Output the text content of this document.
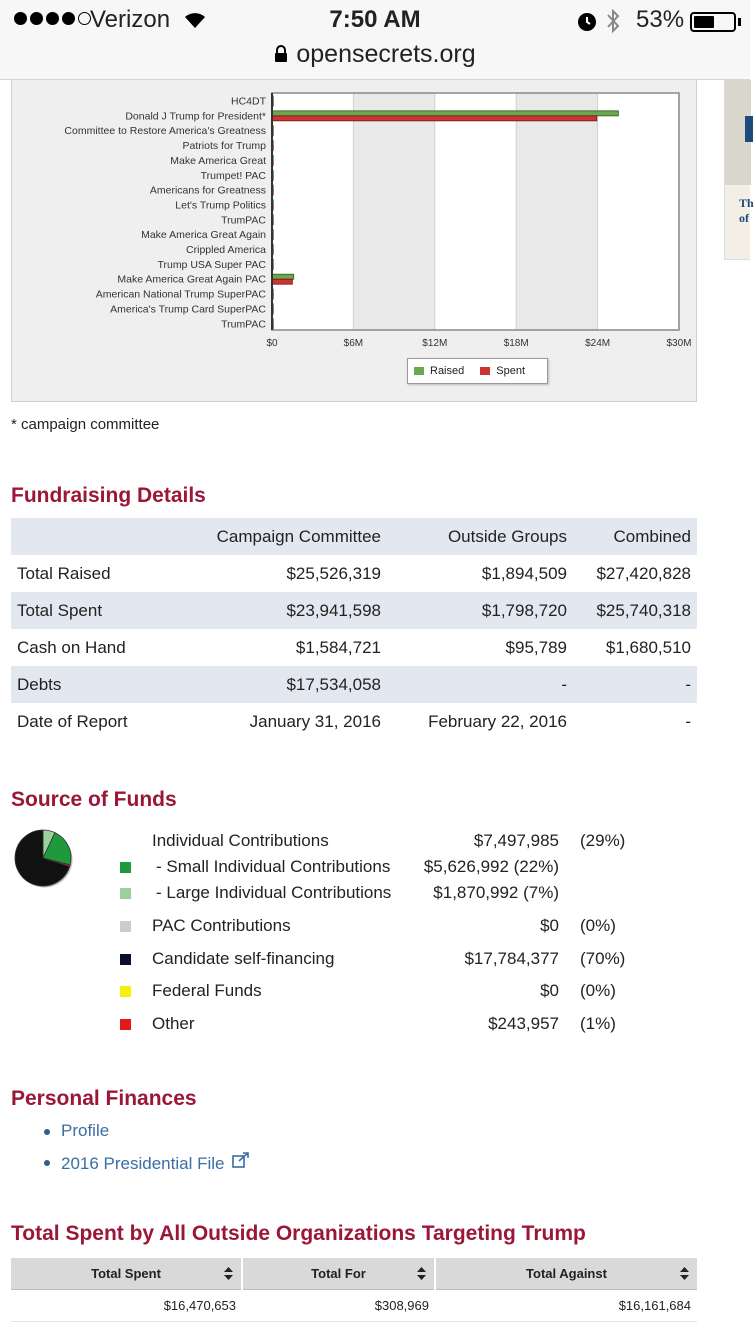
Verizon	7:50 AM	53%
opensecrets.org
Th of
$0	$6M	$12M	$18M	$24M	$30M
HC4DT
Donald J Trump for President*
Committee to Restore America's Greatness
Patriots for Trump
Make America Great
Trumpet! PAC
Americans for Greatness
Let's Trump Politics
TrumPAC
Make America Great Again
Crippled America
Trump USA Super PAC
Make America Great Again PAC
American National Trump SuperPAC
America's Trump Card SuperPAC
TrumPAC
Raised	Spent
* campaign committee
Fundraising Details
	Campaign Committee	Outside Groups	Combined
Total Raised	$25,526,319	$1,894,509	$27,420,828
Total Spent	$23,941,598	$1,798,720	$25,740,318
Cash on Hand	$1,584,721	$95,789	$1,680,510
Debts	$17,534,058	-	-
Date of Report	January 31, 2016	February 22, 2016	-
Source of Funds
Individual Contributions	$7,497,985 (29%)
- Small Individual Contributions $5,626,992 (22%)
- Large Individual Contributions $1,870,992 (7%)
PAC Contributions	$0 (0%)
Candidate self-financing	$17,784,377 (70%)
Federal Funds	$0 (0%)
Other	$243,957 (1%)
Personal Finances
Profile
2016 Presidential File
Total Spent by All Outside Organizations Targeting Trump
Total Spent	Total For	Total Against

$16,470,653	$308,969	$16,161,684
